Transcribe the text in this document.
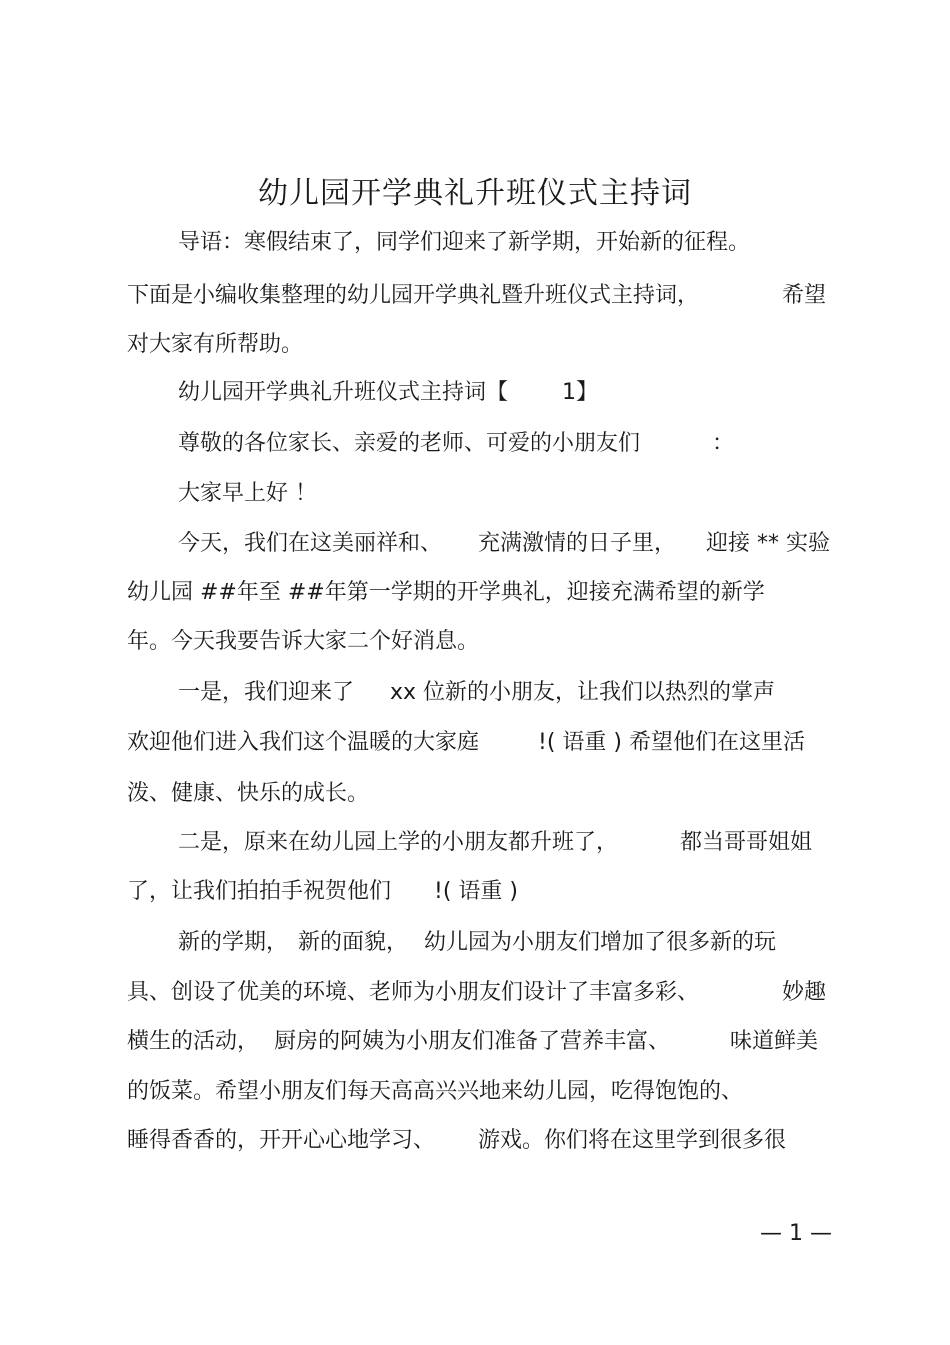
幼儿园开学典礼升班仪式主持词
导语：寒假结束了，同学们迎来了新学期，开始新的征程。
下面是小编收集整理的幼儿园开学典礼暨升班仪式主持词，	希望
对大家有所帮助。
幼儿园开学典礼升班仪式主持词【 1】
尊敬的各位家长、亲爱的老师、可爱的小朋友们	：
大家早上好 ！
今天，我们在这美丽祥和、 充满激情的日子里， 迎接 ** 实验
幼儿园 ##年至 ##年第一学期的开学典礼，迎接充满希望的新学
年。今天我要告诉大家二个好消息。
一是，我们迎来了 xx 位新的小朋友，让我们以热烈的掌声
欢迎他们进入我们这个温暖的大家庭	!( 语重 ) 希望他们在这里活
泼、健康、快乐的成长。
二是，原来在幼儿园上学的小朋友都升班了，	都当哥哥姐姐
了，让我们拍拍手祝贺他们 !( 语重 )
新的学期， 新的面貌， 幼儿园为小朋友们增加了很多新的玩
具、创设了优美的环境、老师为小朋友们设计了丰富多彩、	妙趣
横生的活动， 厨房的阿姨为小朋友们准备了营养丰富、	味道鲜美
的饭菜。希望小朋友们每天高高兴兴地来幼儿园，吃得饱饱的、
睡得香香的，开开心心地学习、 游戏。你们将在这里学到很多很
— 1 —
